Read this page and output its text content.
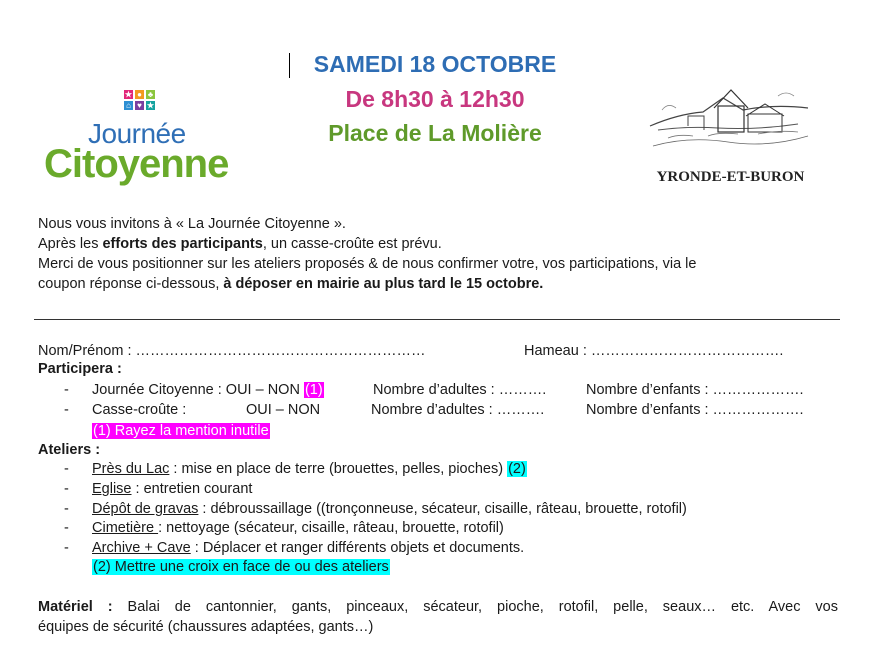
SAMEDI 18 OCTOBRE
De 8h30 à 12h30
Place de La Molière
★ ● ♣
⌂ ♥ ★
Journée
Citoyenne	YRONDE-ET-BURON
Nous vous invitons à « La Journée Citoyenne ».
Après les efforts des participants, un casse-croûte est prévu.
Merci de vous positionner sur les ateliers proposés & de nous confirmer votre, vos participations, via le
coupon réponse ci-dessous, à déposer en mairie au plus tard le 15 octobre.
Nom/Prénom : ……………………………………………………	Hameau : ………………………………….
Participera :
- Journée Citoyenne : OUI – NON (1)	Nombre d’adultes : ……….	Nombre d’enfants : ……………….
- Casse-croûte :	OUI – NON	Nombre d’adultes : ……….	Nombre d’enfants : ……………….
(1) Rayez la mention inutile
Ateliers :
(2) Mettre une croix en face de ou des ateliers
Matériel : Balai de cantonnier, gants, pinceaux, sécateur, pioche, rotofil, pelle, seaux… etc. Avec vos
équipes de sécurité (chaussures adaptées, gants…)
- Près du Lac : mise en place de terre (brouettes, pelles, pioches) (2)
- Eglise : entretien courant
- Dépôt de gravas : débroussaillage ((tronçonneuse, sécateur, cisaille, râteau, brouette, rotofil)
- Cimetière : nettoyage (sécateur, cisaille, râteau, brouette, rotofil)
- Archive + Cave : Déplacer et ranger différents objets et documents.
